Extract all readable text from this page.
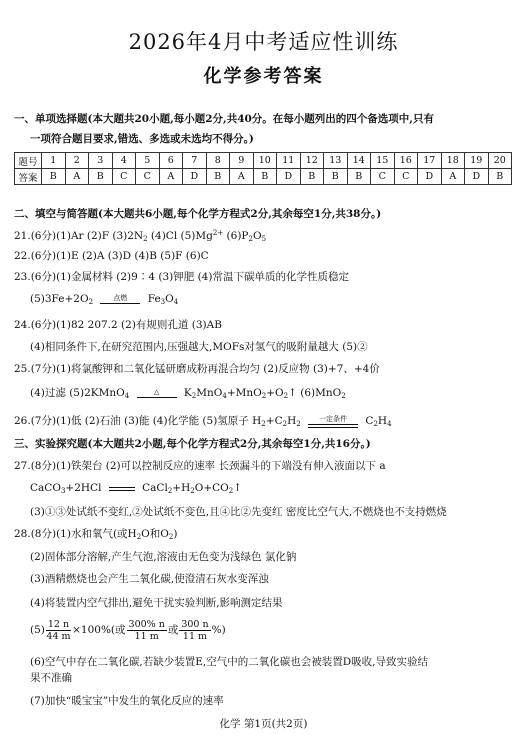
2026年4月中考适应性训练
化学参考答案
一、单项选择题(本大题共20小题,每小题2分,共40分。在每小题列出的四个备选项中,只有
一项符合题目要求,错选、多选或未选均不得分。)
题号	1	2	3	4	5	6	7	8	9	10	11	12	13	14	15	16	17	18	19	20
答案	B	A	B	C	C	A	D	B	A	B	D	B	B	B	C	C	D	A	D	B
二、填空与简答题(本大题共6小题,每个化学方程式2分,其余每空1分,共38分。)
21.(6分)(1)Ar (2)F $(3)2N_2$ (4)Cl $(5)Mg^{2+}$ $(6)P_2O_5$
22.(6分)(1)E (2)A (3)D (4)B (5)F (6)C
23.(6分)(1)金属材料 (2)9∶4 (3)钾肥 (4)常温下碳单质的化学性质稳定
$(5)3Fe+2O_2$	点燃	$Fe_3O_4$
24.(6分)(1)82 207.2 (2)有规则孔道 (3)AB
(4)相同条件下,在研究范围内,压强越大,MOFs对氢气的吸附量越大 (5)②
25.(7分)(1)将氯酸钾和二氧化锰研磨成粉再混合均匀 (2)反应物 (3)+7、+4价
(4)过滤 (5)2KMnO$_4$	△	$K_2MnO_4+MnO_2+O_2↑$ (6)MnO$_2$
26.(7分)(1)低 (2)石油 (3)能 (4)化学能 (5)氢原子 $H_2+C_2H_2$
一定条件	$C_2H_4$
三、实验探究题(本大题共2小题,每个化学方程式2分,其余每空1分,共16分。)
27.(8分)(1)铁架台 (2)可以控制反应的速率 长颈漏斗的下端没有伸入液面以下 a
CaCO$_3$+2HCl	$CaCl_2+H_2O+CO_2↑$
(3)①③处试纸不变红,②处试纸不变色,且④比②先变红 密度比空气大,不燃烧也不支持燃烧
28.(8分)(1)水和氧气(或$H_2O$和$O_2$)
(2)固体部分溶解,产生气泡,溶液由无色变为浅绿色 氯化钠
(3)酒精燃烧也会产生二氧化碳,使澄清石灰水变浑浊
(4)将装置内空气排出,避免干扰实验判断,影响测定结果
$(5) \frac{12 n}{44 m} \times 100\%$(或 $\frac{300\% n}{11 m}$ 或 $\frac{300 n}{11 m}$ %)
(6)空气中存在二氧化碳,若缺少装置E,空气中的二氧化碳也会被装置D吸收,导致实验结
果不准确
(7)加快“暖宝宝”中发生的氧化反应的速率
化学 第1页(共2页)
